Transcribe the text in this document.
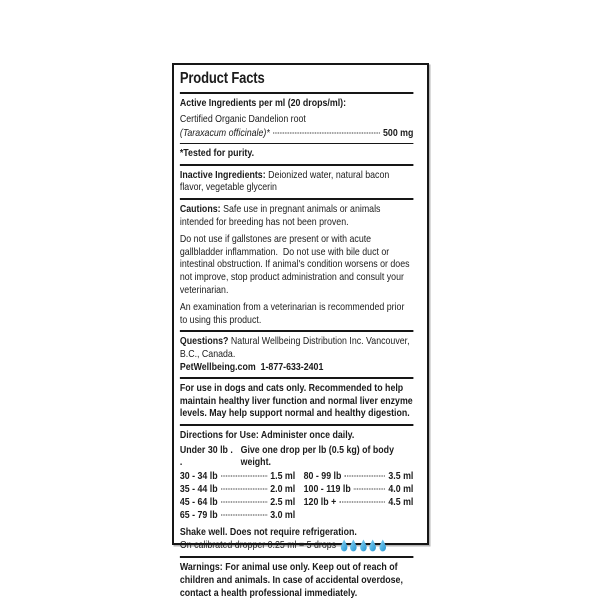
Product Facts

Active Ingredients per ml (20 drops/ml):

Certified Organic Dandelion root

(Taraxacum officinale)*	500 mg

*Tested for purity.

Inactive Ingredients: Deionized water, natural bacon flavor, vegetable glycerin

Cautions: Safe use in pregnant animals or animals intended for breeding has not been proven.

Do not use if gallstones are present or with acute gallbladder inflammation.  Do not use with bile duct or intestinal obstruction. If animal's condition worsens or does not improve, stop product administration and consult your veterinarian.

An examination from a veterinarian is recommended prior to using this product.

Questions? Natural Wellbeing Distribution Inc. Vancouver, B.C., Canada.
PetWellbeing.com  1-877-633-2401

For use in dogs and cats only. Recommended to help maintain healthy liver function and normal liver enzyme levels. May help support normal and healthy digestion.

Directions for Use: Administer once daily.

Under 30 lb . .
Give one drop per lb (0.5 kg) of body weight.
30 - 34 lb	1.5 ml
35 - 44 lb	2.0 ml
45 - 64 lb	2.5 ml
65 - 79 lb	3.0 ml
80 - 99 lb	3.5 ml
100 - 119 lb	4.0 ml
120 lb +	4.5 ml

Shake well. Does not require refrigeration.

On calibrated dropper 0.25 ml = 5 drops

Warnings: For animal use only. Keep out of reach of children and animals. In case of accidental overdose, contact a health professional immediately.
